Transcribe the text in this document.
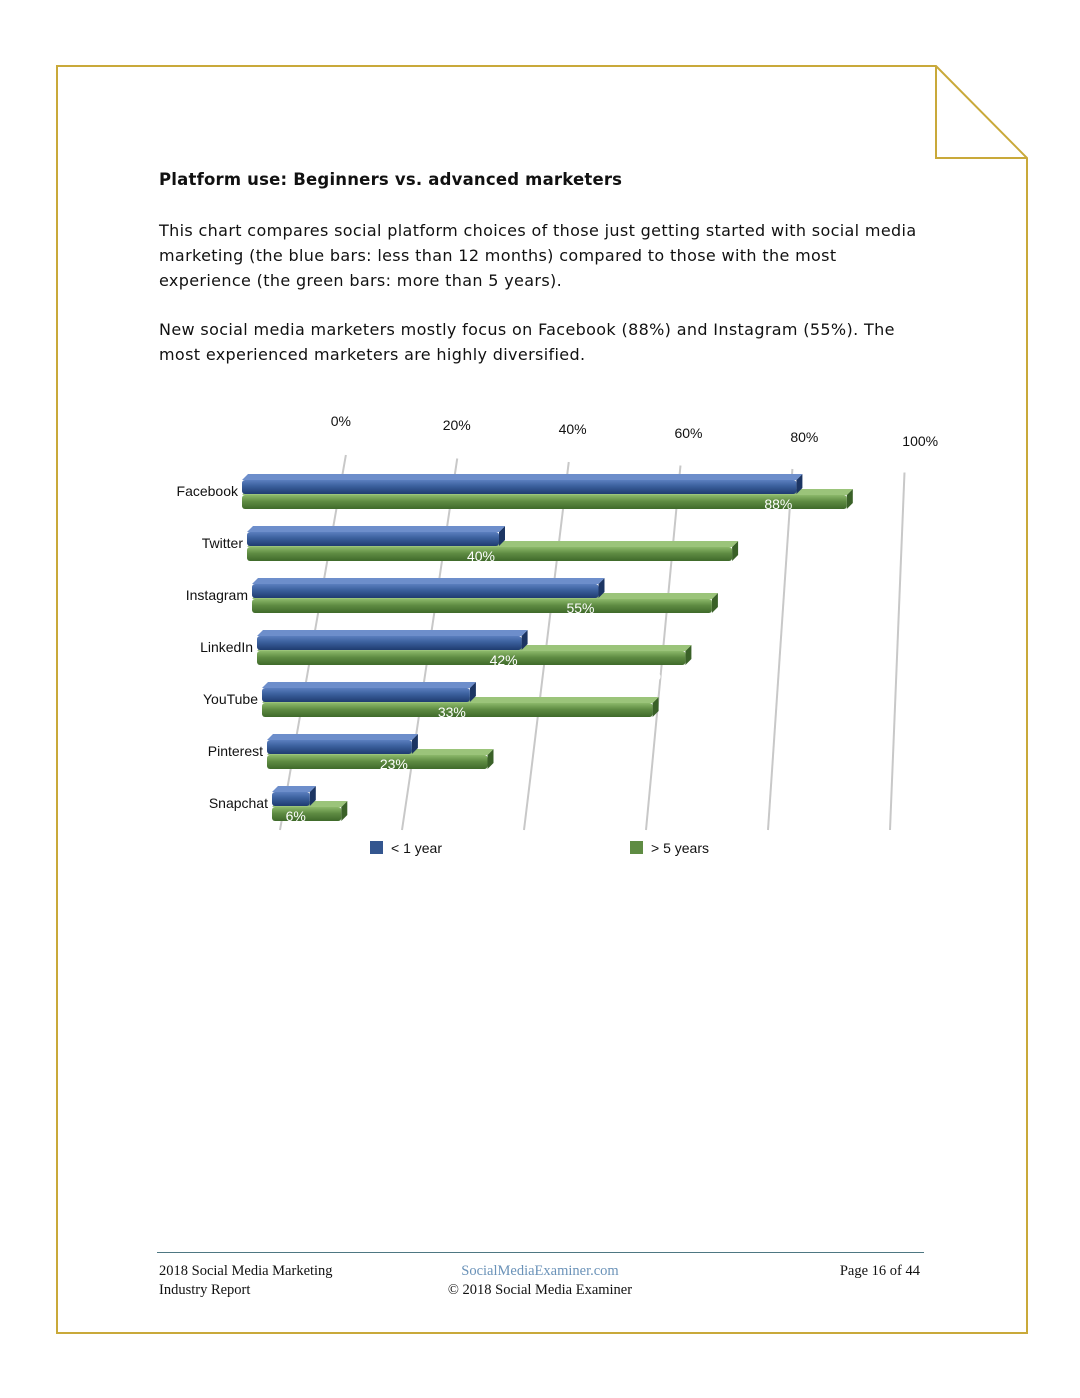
Platform use: Beginners vs. advanced marketers

This chart compares social platform choices of those just getting started with social media marketing (the blue bars: less than 12 months) compared to those with the most experience (the green bars: more than 5 years).

New social media marketers mostly focus on Facebook (88%) and Instagram (55%). The most experienced marketers are highly diversified.

0%	20%	40%	60%	80%	100%
11%
6%
Snapchat
35%
23%
Pinterest
62%
33%
YouTube
68%
42%
LinkedIn
73%
55%
Instagram
77%
40%
Twitter
96%
88%
Facebook
< 1 year	> 5 years
2018 Social Media Marketing
Industry Report
SocialMediaExaminer.com
© 2018 Social Media Examiner
Page 16 of 44
